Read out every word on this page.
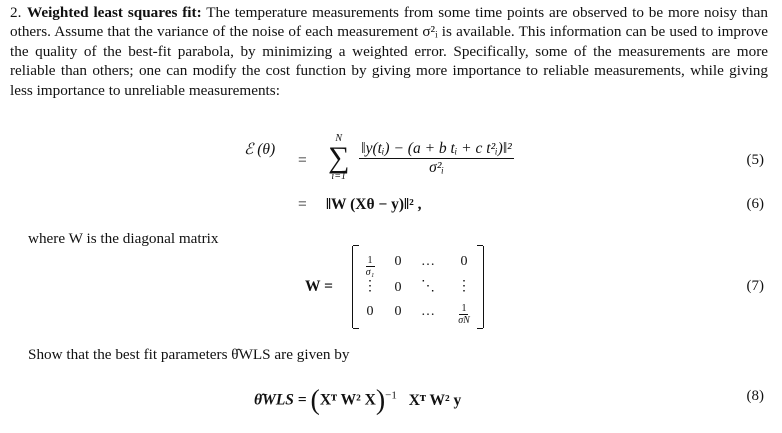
2. Weighted least squares fit: The temperature measurements from some time points are observed to be more noisy than others. Assume that the variance of the noise of each measurement σ²ᵢ is available. This information can be used to improve the quality of the best-fit parabola, by minimizing a weighted error. Specifically, some of the measurements are more reliable than others; one can modify the cost function by giving more importance to reliable measurements, while giving less importance to unreliable measurements:
ℰ (θ)
=
N
∑
i=1
$\frac{\text{‖y(tᵢ) − (a + b tᵢ + c t²ᵢ)‖²}}{\text{σ²ᵢ}}$	(5)
= ‖W (Xθ − y)‖² ,	(6)
where W is the diagonal matrix
W =
$\frac{1}{\text{σ₁}}$	0	…	0
⋮	0	⋱	⋮
0	0	…	$\frac{1}{\sigma N}$
(7)
Show that the best fit parameters θ̂WLS are given by
θ̂WLS = (Xᵀ W² X)$^{-1}$ Xᵀ W² y	(8)
